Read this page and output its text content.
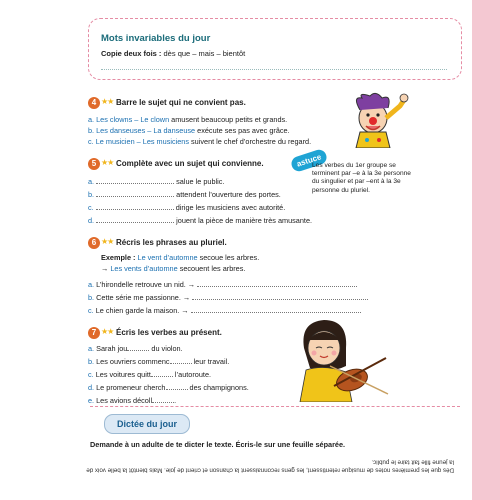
Mots invariables du jour
Copie deux fois : dès que – mais – bientôt
4 ★★ Barre le sujet qui ne convient pas.
a. Les clowns – Le clown amusent beaucoup petits et grands.
b. Les danseuses – La danseuse exécute ses pas avec grâce.
c. Le musicien – Les musiciens suivent le chef d’orchestre du regard.
5 ★★ Complète avec un sujet qui convienne.
a.	salue le public.
b.	attendent l’ouverture des portes.
c.	dirige les musiciens avec autorité.
d.	jouent la pièce de manière très amusante.
astuce
Les verbes du 1er groupe se terminent par –e à la 3e personne du singulier et par –ent à la 3e personne du pluriel.
6 ★★ Récris les phrases au pluriel.
Exemple : Le vent d’automne secoue les arbres.
→ Les vents d’automne secouent les arbres.
a. L’hirondelle retrouve un nid. →
b. Cette série me passionne. →
c. Le chien garde la maison. →
7 ★★ Écris les verbes au présent.
a. Sarah jou	du violon.
b. Les ouvriers commenc	leur travail.
c. Les voitures quitt	l’autoroute.
d. Le promeneur cherch	des champignons.
e. Les avions décoll	.
Dictée du jour
Demande à un adulte de te dicter le texte. Écris-le sur une feuille séparée.
Dès que les premières notes de musique retentissent, les gens reconnaissent la chanson et crient de joie. Mais bientôt la belle voix de la jeune fille fait taire le public.
